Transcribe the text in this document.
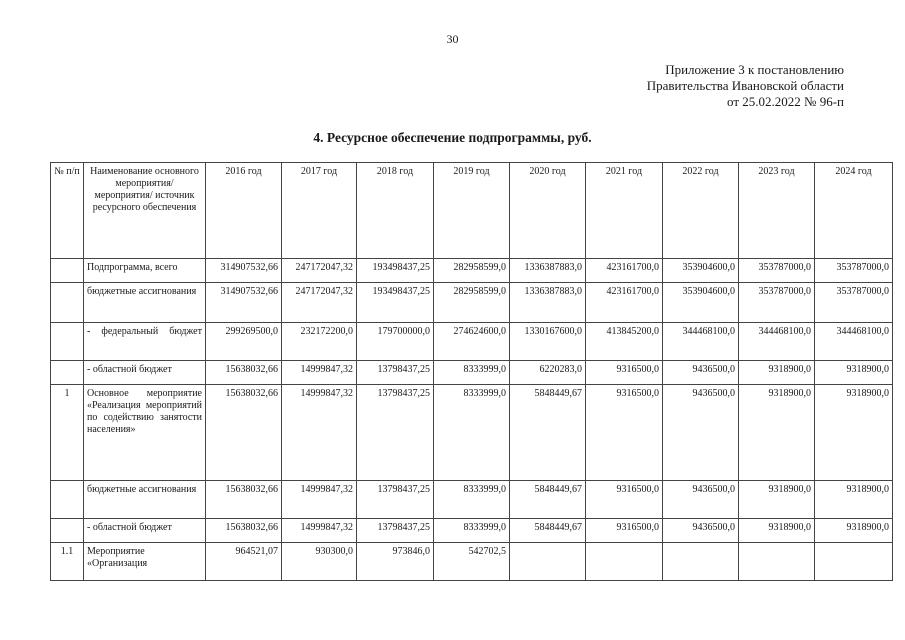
30
Приложение 3 к постановлению
Правительства Ивановской области
от 25.02.2022 № 96-п
4. Ресурсное обеспечение подпрограммы, руб.
№ п/п	Наименование основного мероприятия/ мероприятия/ источник ресурсного обеспечения	2016 год	2017 год	2018 год	2019 год	2020 год	2021 год	2022 год	2023 год	2024 год
	Подпрограмма, всего	314907532,66	247172047,32	193498437,25	282958599,0	1336387883,0	423161700,0	353904600,0	353787000,0	353787000,0
	бюджетные ассигнования	314907532,66	247172047,32	193498437,25	282958599,0	1336387883,0	423161700,0	353904600,0	353787000,0	353787000,0
	- федеральный бюджет	299269500,0	232172200,0	179700000,0	274624600,0	1330167600,0	413845200,0	344468100,0	344468100,0	344468100,0
	- областной бюджет	15638032,66	14999847,32	13798437,25	8333999,0	6220283,0	9316500,0	9436500,0	9318900,0	9318900,0
1	Основное мероприятие «Реализация мероприятий по содействию занятости населения»	15638032,66	14999847,32	13798437,25	8333999,0	5848449,67	9316500,0	9436500,0	9318900,0	9318900,0
	бюджетные ассигнования	15638032,66	14999847,32	13798437,25	8333999,0	5848449,67	9316500,0	9436500,0	9318900,0	9318900,0
	- областной бюджет	15638032,66	14999847,32	13798437,25	8333999,0	5848449,67	9316500,0	9436500,0	9318900,0	9318900,0
1.1	Мероприятие «Организация	964521,07	930300,0	973846,0	542702,5					
